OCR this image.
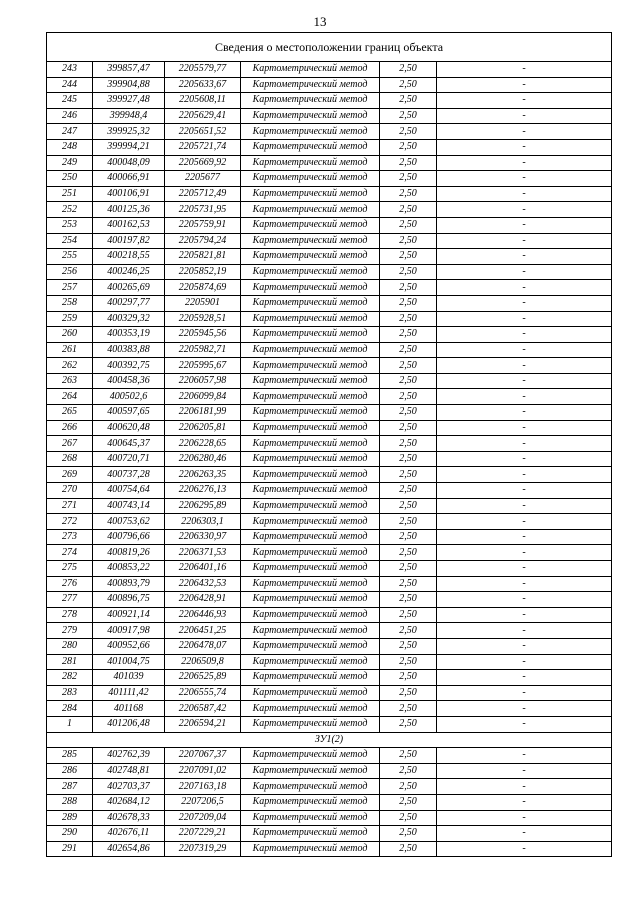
13
Сведения о местоположении границ объекта					
243	399857,47	2205579,77	Картометрический метод	2,50	-
244	399904,88	2205633,67	Картометрический метод	2,50	-
245	399927,48	2205608,11	Картометрический метод	2,50	-
246	399948,4	2205629,41	Картометрический метод	2,50	-
247	399925,32	2205651,52	Картометрический метод	2,50	-
248	399994,21	2205721,74	Картометрический метод	2,50	-
249	400048,09	2205669,92	Картометрический метод	2,50	-
250	400066,91	2205677	Картометрический метод	2,50	-
251	400106,91	2205712,49	Картометрический метод	2,50	-
252	400125,36	2205731,95	Картометрический метод	2,50	-
253	400162,53	2205759,91	Картометрический метод	2,50	-
254	400197,82	2205794,24	Картометрический метод	2,50	-
255	400218,55	2205821,81	Картометрический метод	2,50	-
256	400246,25	2205852,19	Картометрический метод	2,50	-
257	400265,69	2205874,69	Картометрический метод	2,50	-
258	400297,77	2205901	Картометрический метод	2,50	-
259	400329,32	2205928,51	Картометрический метод	2,50	-
260	400353,19	2205945,56	Картометрический метод	2,50	-
261	400383,88	2205982,71	Картометрический метод	2,50	-
262	400392,75	2205995,67	Картометрический метод	2,50	-
263	400458,36	2206057,98	Картометрический метод	2,50	-
264	400502,6	2206099,84	Картометрический метод	2,50	-
265	400597,65	2206181,99	Картометрический метод	2,50	-
266	400620,48	2206205,81	Картометрический метод	2,50	-
267	400645,37	2206228,65	Картометрический метод	2,50	-
268	400720,71	2206280,46	Картометрический метод	2,50	-
269	400737,28	2206263,35	Картометрический метод	2,50	-
270	400754,64	2206276,13	Картометрический метод	2,50	-
271	400743,14	2206295,89	Картометрический метод	2,50	-
272	400753,62	2206303,1	Картометрический метод	2,50	-
273	400796,66	2206330,97	Картометрический метод	2,50	-
274	400819,26	2206371,53	Картометрический метод	2,50	-
275	400853,22	2206401,16	Картометрический метод	2,50	-
276	400893,79	2206432,53	Картометрический метод	2,50	-
277	400896,75	2206428,91	Картометрический метод	2,50	-
278	400921,14	2206446,93	Картометрический метод	2,50	-
279	400917,98	2206451,25	Картометрический метод	2,50	-
280	400952,66	2206478,07	Картометрический метод	2,50	-
281	401004,75	2206509,8	Картометрический метод	2,50	-
282	401039	2206525,89	Картометрический метод	2,50	-
283	401111,42	2206555,74	Картометрический метод	2,50	-
284	401168	2206587,42	Картометрический метод	2,50	-
1	401206,48	2206594,21	Картометрический метод	2,50	-
ЗУ1(2)					
285	402762,39	2207067,37	Картометрический метод	2,50	-
286	402748,81	2207091,02	Картометрический метод	2,50	-
287	402703,37	2207163,18	Картометрический метод	2,50	-
288	402684,12	2207206,5	Картометрический метод	2,50	-
289	402678,33	2207209,04	Картометрический метод	2,50	-
290	402676,11	2207229,21	Картометрический метод	2,50	-
291	402654,86	2207319,29	Картометрический метод	2,50	-
